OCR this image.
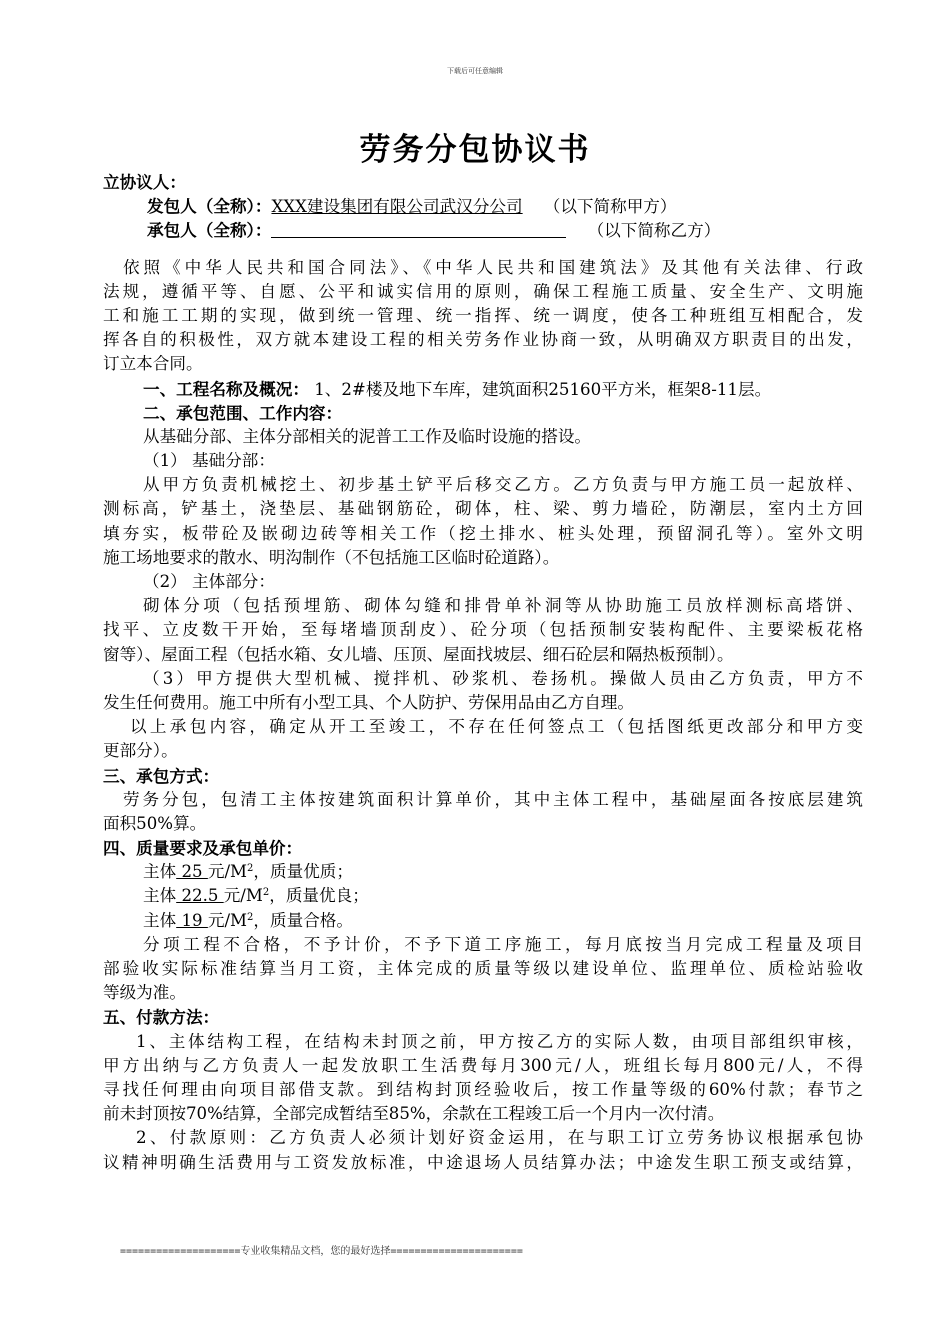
下载后可任意编辑
劳务分包协议书
立协议人：
发包人（全称）：XXX建设集团有限公司武汉分公司 （以下简称甲方）
承包人（全称）：	（以下简称乙方）
依照《中华人民共和国合同法》、《中华人民共和国建筑法》及其他有关法律、行政
法规，遵循平等、自愿、公平和诚实信用的原则，确保工程施工质量、安全生产、文明施
工和施工工期的实现，做到统一管理、统一指挥、统一调度，使各工种班组互相配合，发
挥各自的积极性，双方就本建设工程的相关劳务作业协商一致，从明确双方职责目的出发，
订立本合同。
一、工程名称及概况： 1、2#楼及地下车库，建筑面积25160平方米，框架8-11层。
二、承包范围、工作内容：
从基础分部、主体分部相关的泥普工工作及临时设施的搭设。
（1） 基础分部：
从甲方负责机械挖土、初步基土铲平后移交乙方。乙方负责与甲方施工员一起放样、
测标高，铲基土，浇垫层、基础钢筋砼，砌体，柱、梁、剪力墙砼，防潮层，室内土方回
填夯实，板带砼及嵌砌边砖等相关工作（挖土排水、桩头处理，预留洞孔等）。室外文明
施工场地要求的散水、明沟制作（不包括施工区临时砼道路）。
（2） 主体部分：
砌体分项（包括预埋筋、砌体勾缝和排骨单补洞等从协助施工员放样测标高塔饼、
找平、立皮数干开始，至每堵墙顶刮皮）、砼分项（包括预制安装构配件、主要梁板花格
窗等）、屋面工程（包括水箱、女儿墙、压顶、屋面找坡层、细石砼层和隔热板预制）。
（3）甲方提供大型机械、搅拌机、砂浆机、卷扬机。操做人员由乙方负责，甲方不
发生任何费用。施工中所有小型工具、个人防护、劳保用品由乙方自理。
以上承包内容，确定从开工至竣工，不存在任何签点工（包括图纸更改部分和甲方变
更部分）。
三、承包方式：
劳务分包，包清工主体按建筑面积计算单价，其中主体工程中，基础屋面各按底层建筑
面积50%算。
四、质量要求及承包单价：
主体 25 元$/M^2$，质量优质；
主体 22.5 元$/M^2$，质量优良；
主体 19 元$/M^2$，质量合格。
分项工程不合格，不予计价，不予下道工序施工，每月底按当月完成工程量及项目
部验收实际标准结算当月工资，主体完成的质量等级以建设单位、监理单位、质检站验收
等级为准。
五、付款方法：
1、主体结构工程，在结构未封顶之前，甲方按乙方的实际人数，由项目部组织审核，
甲方出纳与乙方负责人一起发放职工生活费每月300元/人，班组长每月800元/人，不得
寻找任何理由向项目部借支款。到结构封顶经验收后，按工作量等级的60%付款；春节之
前未封顶按70%结算，全部完成暂结至85%，余款在工程竣工后一个月内一次付清。
2、付款原则：乙方负责人必须计划好资金运用，在与职工订立劳务协议根据承包协
议精神明确生活费用与工资发放标准，中途退场人员结算办法；中途发生职工预支或结算，
====================专业收集精品文档，您的最好选择======================
